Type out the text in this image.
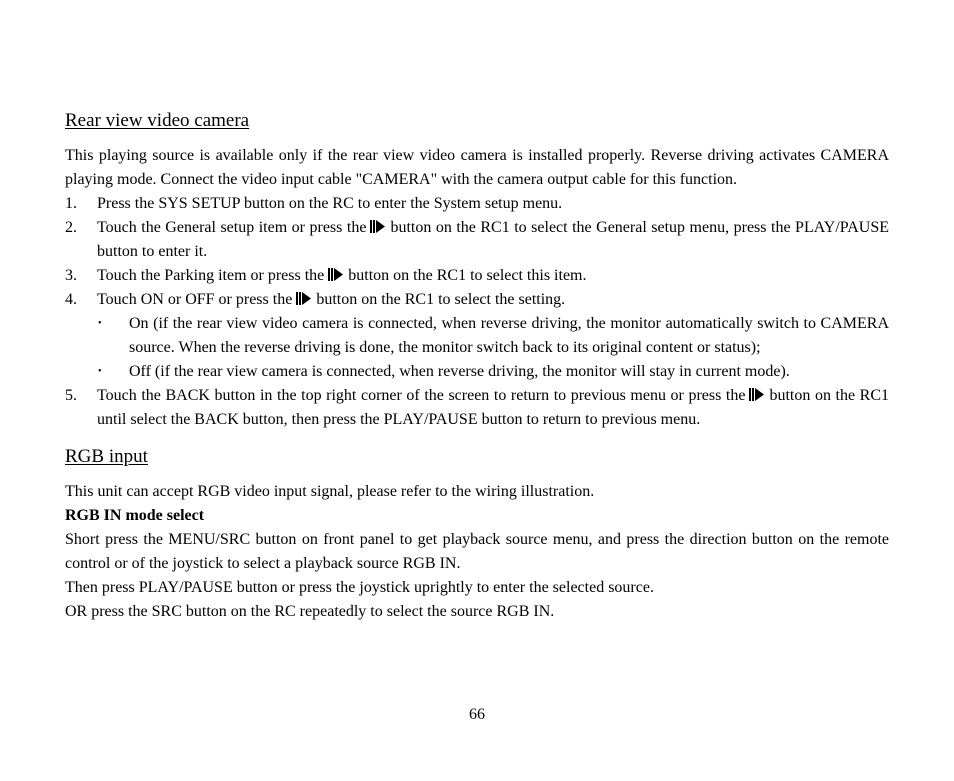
Rear view video camera

This playing source is available only if the rear view video camera is installed properly. Reverse driving activates CAMERA playing mode. Connect the video input cable "CAMERA" with the camera output cable for this function.

1. Press the SYS SETUP button on the RC to enter the System setup menu.
2. Touch the General setup item or press the button on the RC1 to select the General setup menu, press the PLAY/PAUSE button to enter it.
3. Touch the Parking item or press the button on the RC1 to select this item.
4. Touch ON or OFF or press the button on the RC1 to select the setting.
• On (if the rear view video camera is connected, when reverse driving, the monitor automatically switch to CAMERA source. When the reverse driving is done, the monitor switch back to its original content or status);
• Off (if the rear view camera is connected, when reverse driving, the monitor will stay in current mode).
5. Touch the BACK button in the top right corner of the screen to return to previous menu or press the button on the RC1 until select the BACK button, then press the PLAY/PAUSE button to return to previous menu.
RGB input

This unit can accept RGB video input signal, please refer to the wiring illustration.

RGB IN mode select

Short press the MENU/SRC button on front panel to get playback source menu, and press the direction button on the remote control or of the joystick to select a playback source RGB IN.

Then press PLAY/PAUSE button or press the joystick uprightly to enter the selected source.

OR press the SRC button on the RC repeatedly to select the source RGB IN.

66
